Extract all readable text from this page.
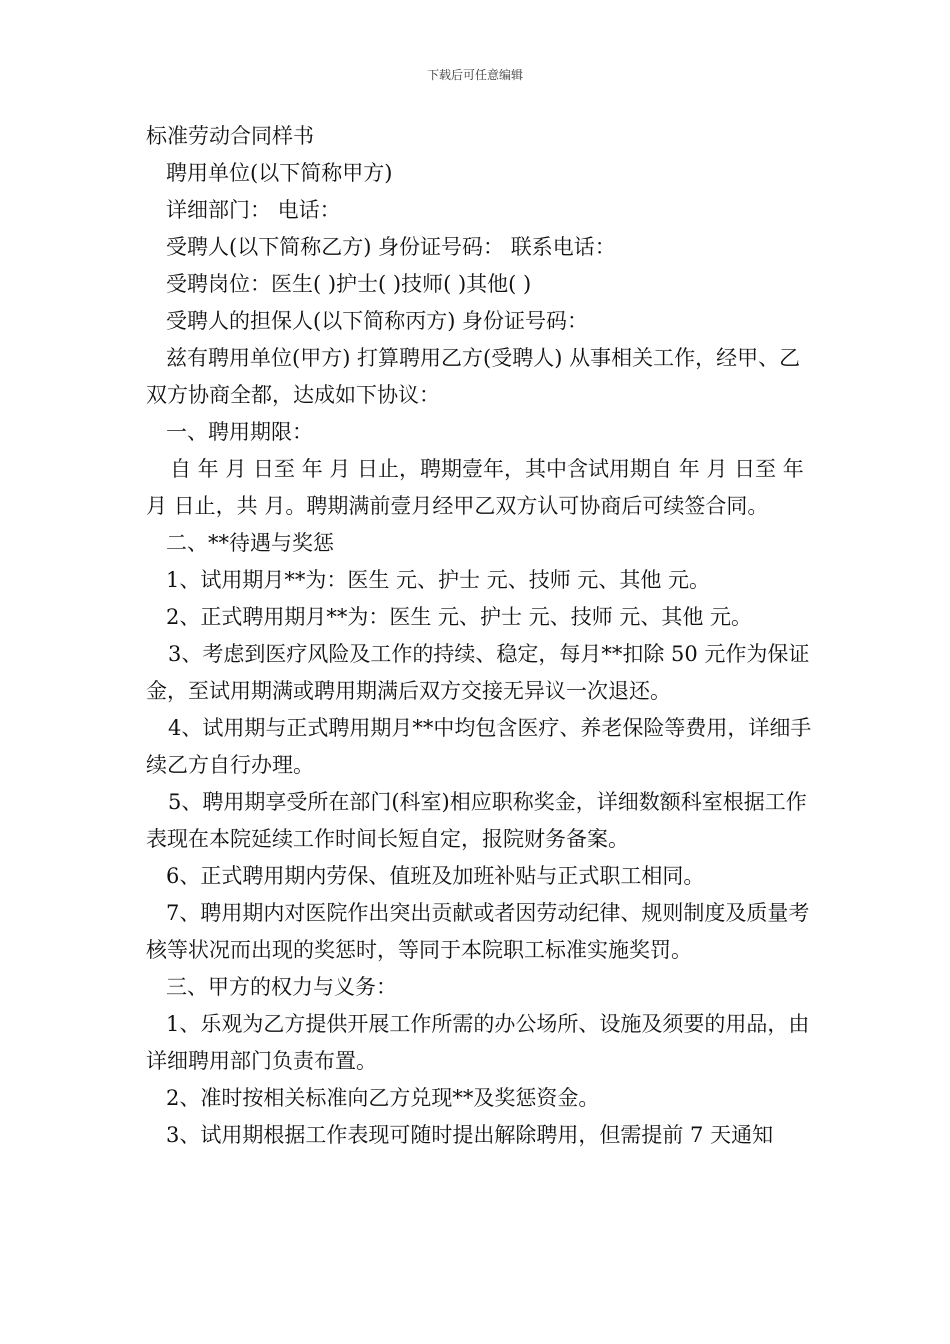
下载后可任意编辑

标准劳动合同样书

聘用单位(以下简称甲方)

详细部门： 电话：

受聘人(以下简称乙方) 身份证号码： 联系电话：

受聘岗位：医生( )护士( )技师( )其他( )

受聘人的担保人(以下简称丙方) 身份证号码：

兹有聘用单位(甲方) 打算聘用乙方(受聘人) 从事相关工作，经甲、乙双方协商全都，达成如下协议：

一、聘用期限：

自 年 月 日至 年 月 日止，聘期壹年，其中含试用期自 年 月 日至 年 月 日止，共 月。聘期满前壹月经甲乙双方认可协商后可续签合同。

二、**待遇与奖惩

1、试用期月**为：医生 元、护士 元、技师 元、其他 元。

2、正式聘用期月**为：医生 元、护士 元、技师 元、其他 元。

3、考虑到医疗风险及工作的持续、稳定，每月**扣除 50 元作为保证金，至试用期满或聘用期满后双方交接无异议一次退还。

4、试用期与正式聘用期月**中均包含医疗、养老保险等费用，详细手续乙方自行办理。

5、聘用期享受所在部门(科室)相应职称奖金，详细数额科室根据工作表现在本院延续工作时间长短自定，报院财务备案。

6、正式聘用期内劳保、值班及加班补贴与正式职工相同。

7、聘用期内对医院作出突出贡献或者因劳动纪律、规则制度及质量考核等状况而出现的奖惩时，等同于本院职工标准实施奖罚。

三、甲方的权力与义务：

1、乐观为乙方提供开展工作所需的办公场所、设施及须要的用品，由详细聘用部门负责布置。

2、准时按相关标准向乙方兑现**及奖惩资金。

3、试用期根据工作表现可随时提出解除聘用，但需提前 7 天通知
